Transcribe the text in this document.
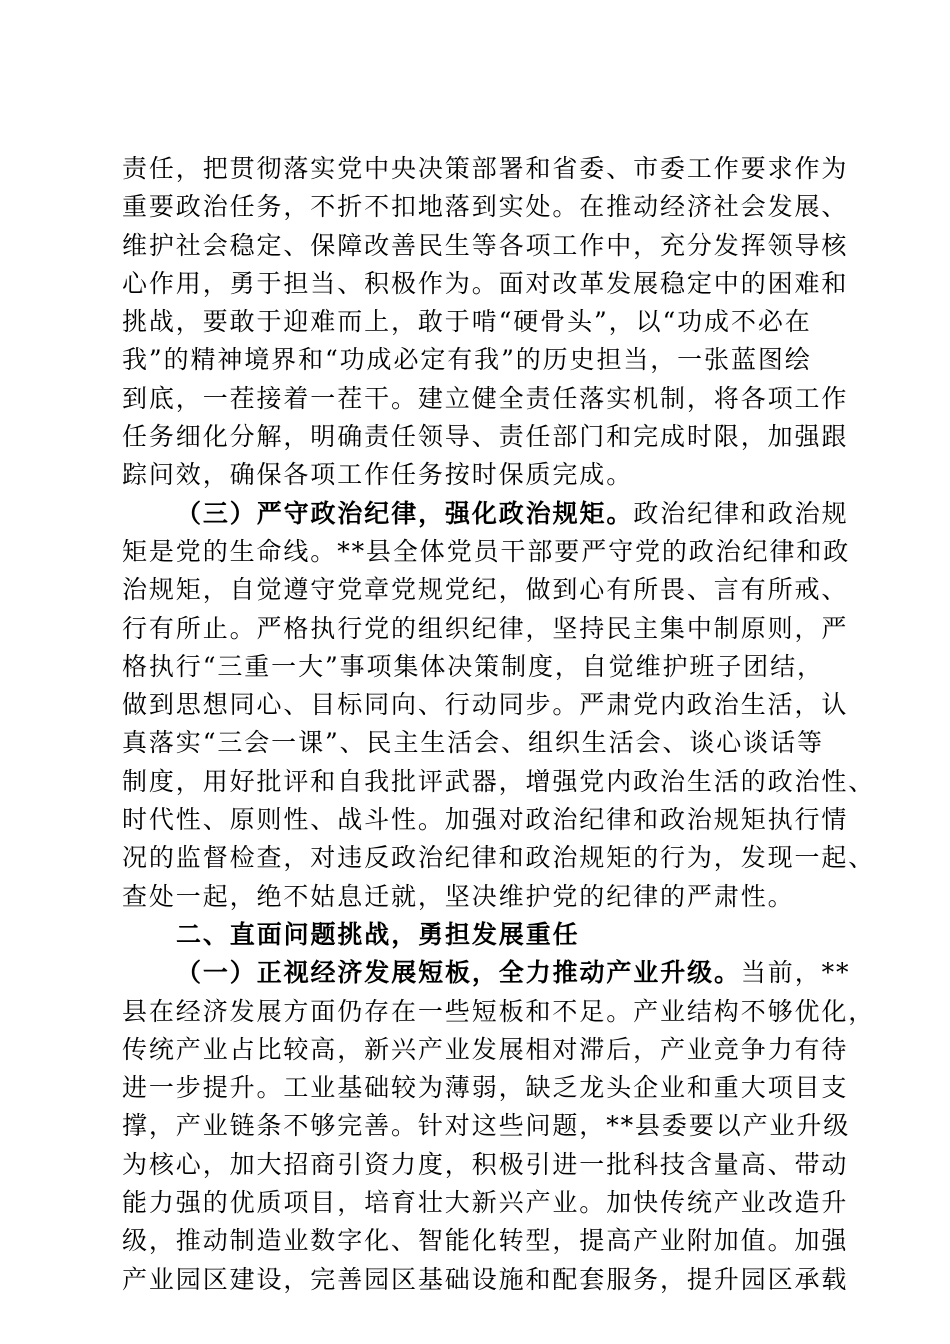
责任，把贯彻落实党中央决策部署和省委、市委工作要求作为
重要政治任务，不折不扣地落到实处。在推动经济社会发展、
维护社会稳定、保障改善民生等各项工作中，充分发挥领导核
心作用，勇于担当、积极作为。面对改革发展稳定中的困难和
挑战，要敢于迎难而上，敢于啃“硬骨头”，以“功成不必在
我”的精神境界和“功成必定有我”的历史担当，一张蓝图绘
到底，一茬接着一茬干。建立健全责任落实机制，将各项工作
任务细化分解，明确责任领导、责任部门和完成时限，加强跟
踪问效，确保各项工作任务按时保质完成。
（三）严守政治纪律，强化政治规矩。政治纪律和政治规
矩是党的生命线。**县全体党员干部要严守党的政治纪律和政
治规矩，自觉遵守党章党规党纪，做到心有所畏、言有所戒、
行有所止。严格执行党的组织纪律，坚持民主集中制原则，严
格执行“三重一大”事项集体决策制度，自觉维护班子团结，
做到思想同心、目标同向、行动同步。严肃党内政治生活，认
真落实“三会一课”、民主生活会、组织生活会、谈心谈话等
制度，用好批评和自我批评武器，增强党内政治生活的政治性、
时代性、原则性、战斗性。加强对政治纪律和政治规矩执行情
况的监督检查，对违反政治纪律和政治规矩的行为，发现一起、
查处一起，绝不姑息迁就，坚决维护党的纪律的严肃性。
二、直面问题挑战，勇担发展重任
（一）正视经济发展短板，全力推动产业升级。当前，**
县在经济发展方面仍存在一些短板和不足。产业结构不够优化，
传统产业占比较高，新兴产业发展相对滞后，产业竞争力有待
进一步提升。工业基础较为薄弱，缺乏龙头企业和重大项目支
撑，产业链条不够完善。针对这些问题，**县委要以产业升级
为核心，加大招商引资力度，积极引进一批科技含量高、带动
能力强的优质项目，培育壮大新兴产业。加快传统产业改造升
级，推动制造业数字化、智能化转型，提高产业附加值。加强
产业园区建设，完善园区基础设施和配套服务，提升园区承载
